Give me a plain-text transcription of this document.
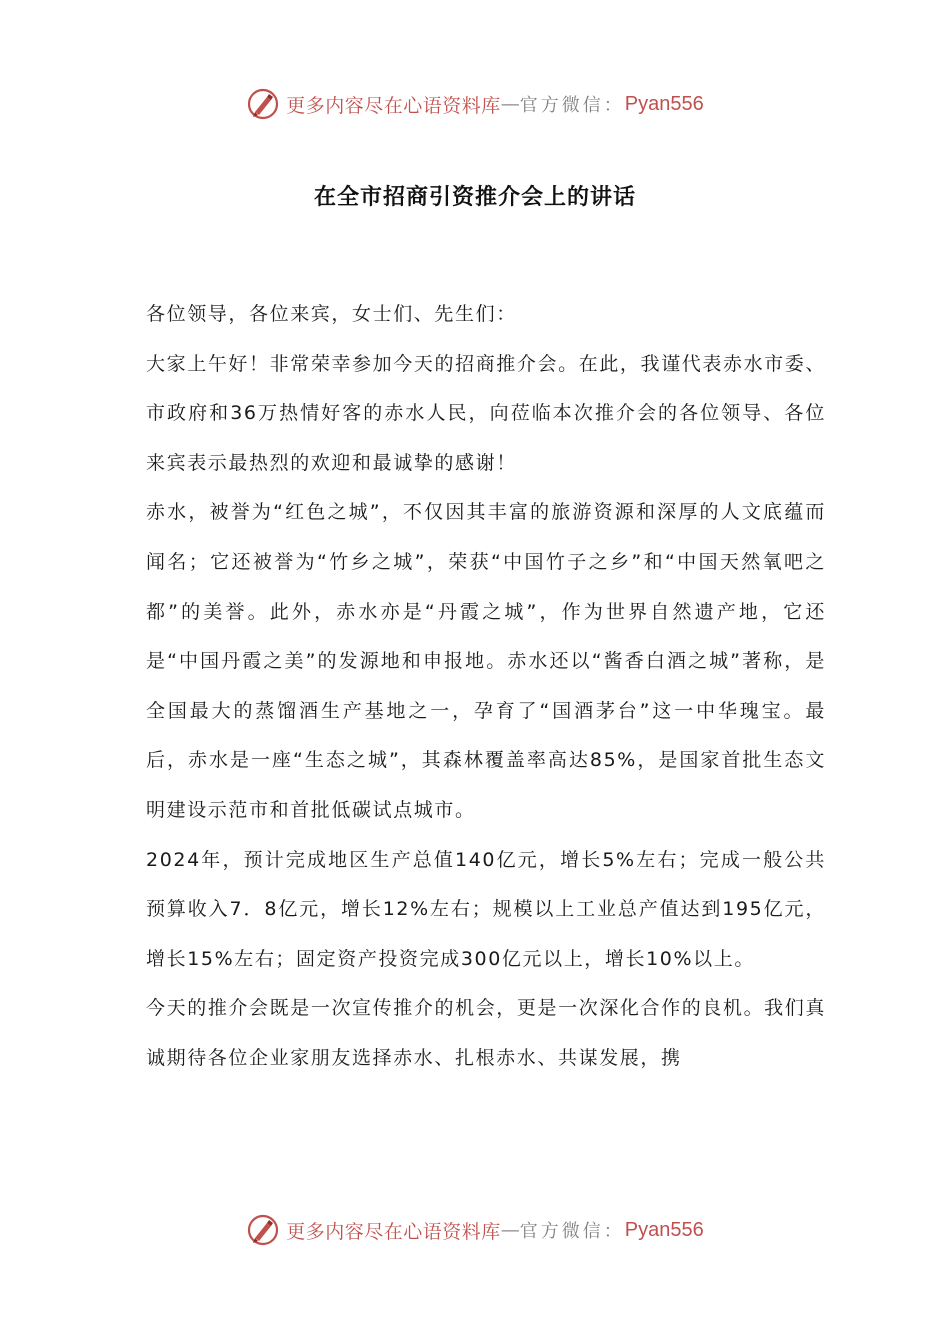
更多内容尽在心语资料库 — 官方微信： Pyan556
在全市招商引资推介会上的讲话

各位领导，各位来宾，女士们、先生们：

大家上午好！非常荣幸参加今天的招商推介会。在此，我谨代表赤水市委、市政府和36万热情好客的赤水人民，向莅临本次推介会的各位领导、各位来宾表示最热烈的欢迎和最诚挚的感谢！

赤水，被誉为“红色之城”，不仅因其丰富的旅游资源和深厚的人文底蕴而闻名；它还被誉为“竹乡之城”，荣获“中国竹子之乡”和“中国天然氧吧之都”的美誉。此外，赤水亦是“丹霞之城”，作为世界自然遗产地，它还是“中国丹霞之美”的发源地和申报地。赤水还以“酱香白酒之城”著称，是全国最大的蒸馏酒生产基地之一，孕育了“国酒茅台”这一中华瑰宝。最后，赤水是一座“生态之城”，其森林覆盖率高达85%，是国家首批生态文明建设示范市和首批低碳试点城市。

2024年，预计完成地区生产总值140亿元，增长5%左右；完成一般公共预算收入7．8亿元，增长12%左右；规模以上工业总产值达到195亿元，增长15%左右；固定资产投资完成300亿元以上，增长10%以上。

今天的推介会既是一次宣传推介的机会，更是一次深化合作的良机。我们真诚期待各位企业家朋友选择赤水、扎根赤水、共谋发展，携

更多内容尽在心语资料库 — 官方微信： Pyan556
